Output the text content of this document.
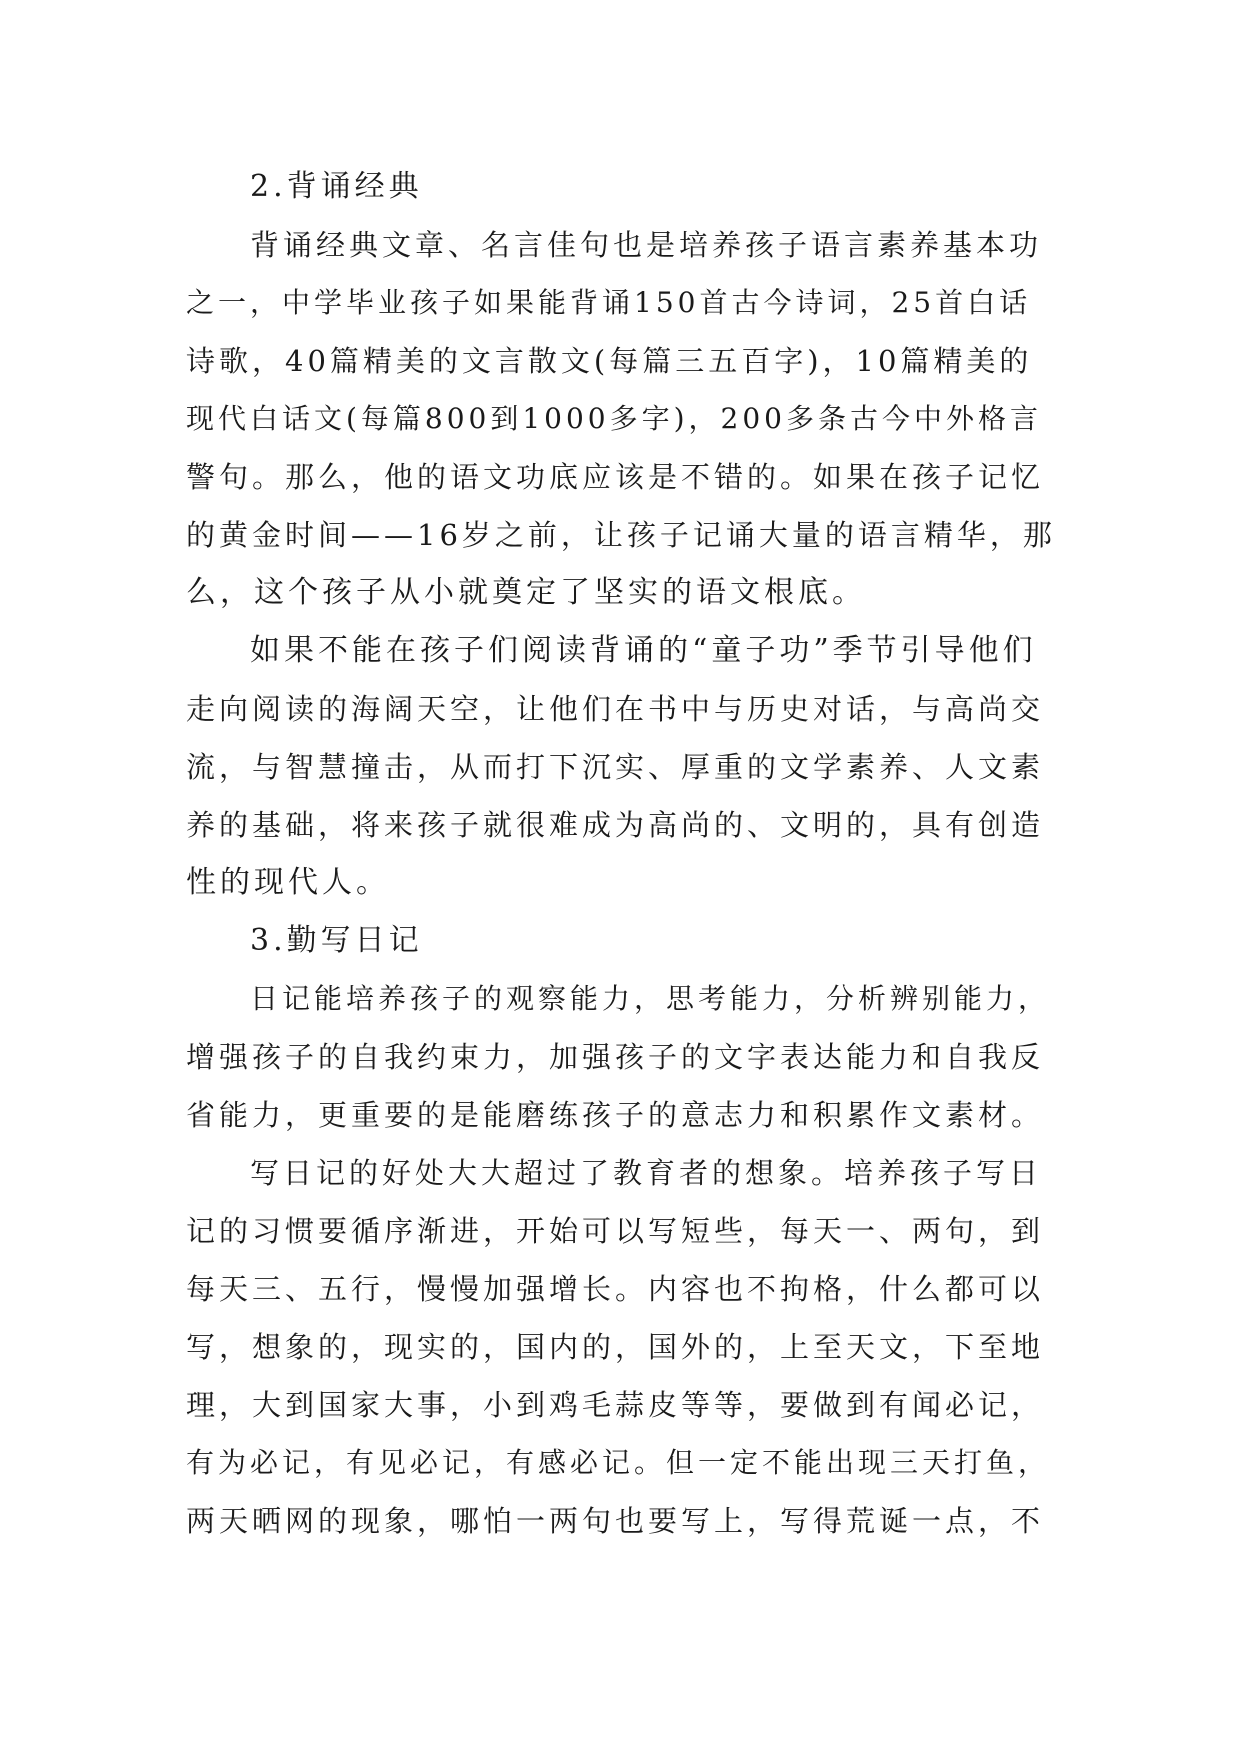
2.背诵经典
背诵经典文章、名言佳句也是培养孩子语言素养基本功
之一，中学毕业孩子如果能背诵150首古今诗词，25首白话
诗歌，40篇精美的文言散文(每篇三五百字)，10篇精美的
现代白话文(每篇800到1000多字)，200多条古今中外格言
警句。那么，他的语文功底应该是不错的。如果在孩子记忆
的黄金时间——16岁之前，让孩子记诵大量的语言精华，那
么，这个孩子从小就奠定了坚实的语文根底。
如果不能在孩子们阅读背诵的“童子功”季节引导他们
走向阅读的海阔天空，让他们在书中与历史对话，与高尚交
流，与智慧撞击，从而打下沉实、厚重的文学素养、人文素
养的基础，将来孩子就很难成为高尚的、文明的，具有创造
性的现代人。
3.勤写日记
日记能培养孩子的观察能力，思考能力，分析辨别能力，
增强孩子的自我约束力，加强孩子的文字表达能力和自我反
省能力，更重要的是能磨练孩子的意志力和积累作文素材。
写日记的好处大大超过了教育者的想象。培养孩子写日
记的习惯要循序渐进，开始可以写短些，每天一、两句，到
每天三、五行，慢慢加强增长。内容也不拘格，什么都可以
写，想象的，现实的，国内的，国外的，上至天文，下至地
理，大到国家大事，小到鸡毛蒜皮等等，要做到有闻必记，
有为必记，有见必记，有感必记。但一定不能出现三天打鱼，
两天晒网的现象，哪怕一两句也要写上，写得荒诞一点，不
